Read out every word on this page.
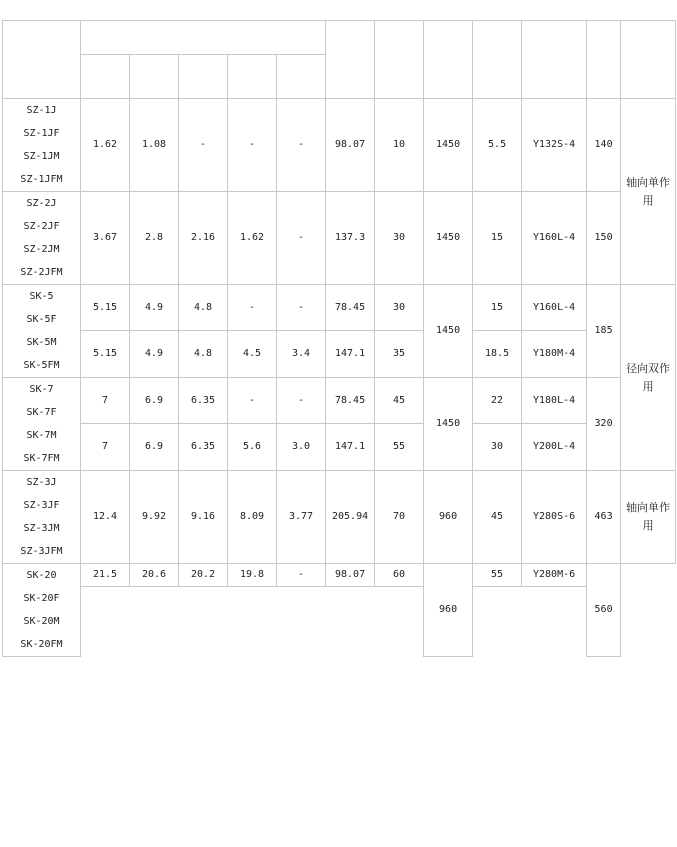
SZ-1J
SZ-1JF
SZ-1JM
SZ-1JFM	1.62	1.08	-	-	-	98.07	10	1450	5.5	Y132S-4	140	轴向单作
用

SZ-2J
SZ-2JF
SZ-2JM
SZ-2JFM	3.67	2.8	2.16	1.62	-	137.3	30	1450	15	Y160L-4	150	

SK-5
SK-5F
SK-5M
SK-5FM	5.15	4.9	4.8	-	-	78.45	30	1450	15	Y160L-4	185	径向双作
用

	5.15	4.9	4.8	4.5	3.4	147.1	35		18.5	Y180M-4		

SK-7
SK-7F
SK-7M
SK-7FM	7	6.9	6.35	-	-	78.45	45	1450	22	Y180L-4	320	

	7	6.9	6.35	5.6	3.0	147.1	55		30	Y200L-4		

SZ-3J
SZ-3JF
SZ-3JM
SZ-3JFM	12.4	9.92	9.16	8.09	3.77	205.94	70	960	45	Y280S-6	463	轴向单作
用

SK-20
SK-20F
SK-20M
SK-20FM	21.5	20.6	20.2	19.8	-	98.07	60	960	55	Y280M-6	560	
